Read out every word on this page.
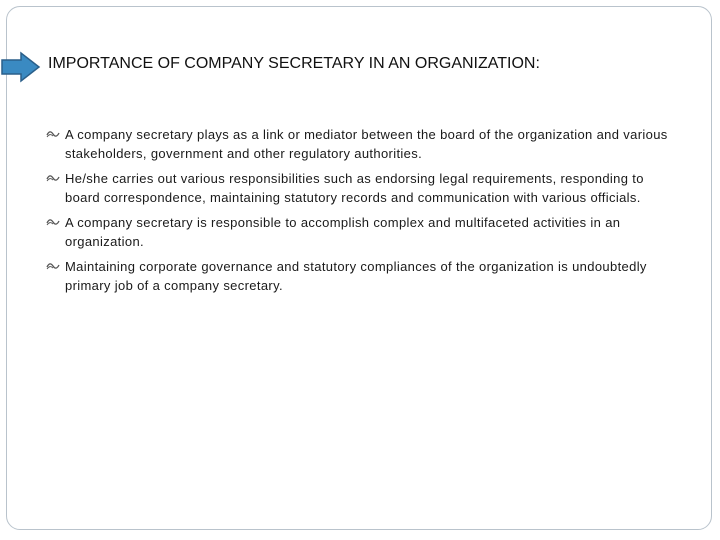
IMPORTANCE OF COMPANY SECRETARY IN AN ORGANIZATION:
A company secretary plays as a link or mediator between the board of the organization and various stakeholders, government and other regulatory authorities.
He/she carries out various responsibilities such as endorsing legal requirements, responding to board correspondence, maintaining statutory records and communication with various officials.
A company secretary is responsible to accomplish complex and multifaceted activities in an organization.
Maintaining corporate governance and statutory compliances of the organization is undoubtedly primary job of a company secretary.
